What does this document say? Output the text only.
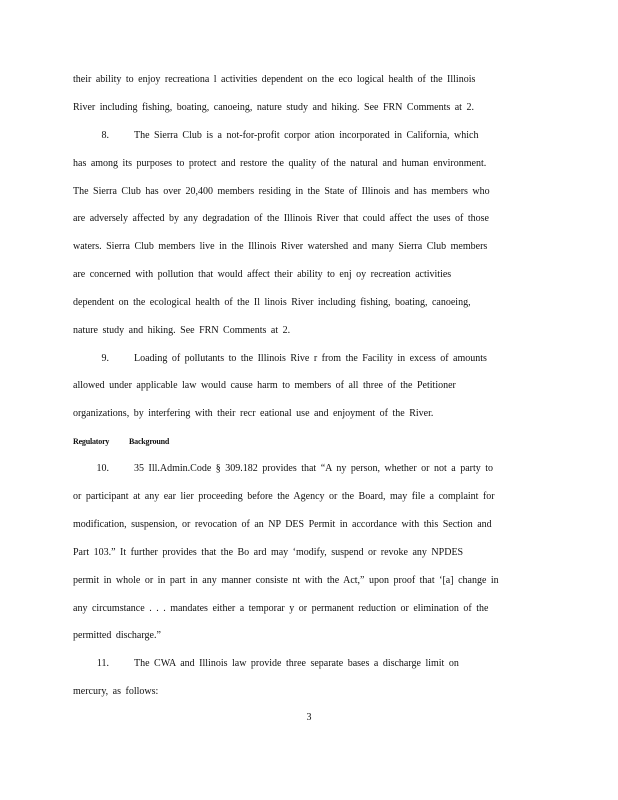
their ability to enjoy recreationa l activities dependent on the eco logical health of the Illinois
River including fishing, boating, canoeing, nature study and hiking. See FRN Comments at 2.
8.	The Sierra Club is a not-for-profit corpor ation incorporated in California, which
has among its purposes to protect and restore the quality of the natural and human environment.
The Sierra Club has over 20,400 members residing in the State of Illinois and has members who
are adversely affected by any degradation of the Illinois River that could affect the uses of those
waters. Sierra Club members live in the Illinois River watershed and many Sierra Club members
are concerned with pollution that would affect their ability to enj oy recreation activities
dependent on the ecological health of the Il linois River including fishing, boating, canoeing,
nature study and hiking. See FRN Comments at 2.
9.	Loading of pollutants to the Illinois Rive r from the Facility in excess of amounts
allowed under applicable law would cause harm to members of all three of the Petitioner
organizations, by interfering with their recr eational use and enjoyment of the River.
Regulatory Background
10.	35 Ill.Admin.Code § 309.182 provides that “A ny person, whether or not a party to
or participant at any ear lier proceeding before the Agency or the Board, may file a complaint for
modification, suspension, or revocation of an NP DES Permit in accordance with this Section and
Part 103.” It further provides that the Bo ard may ‘modify, suspend or revoke any NPDES
permit in whole or in part in any manner consiste nt with the Act,” upon proof that ‘[a] change in
any circumstance . . . mandates either a temporar y or permanent reduction or elimination of the
permitted discharge.”
11.	The CWA and Illinois law provide three separate bases a discharge limit on
mercury, as follows:
3
